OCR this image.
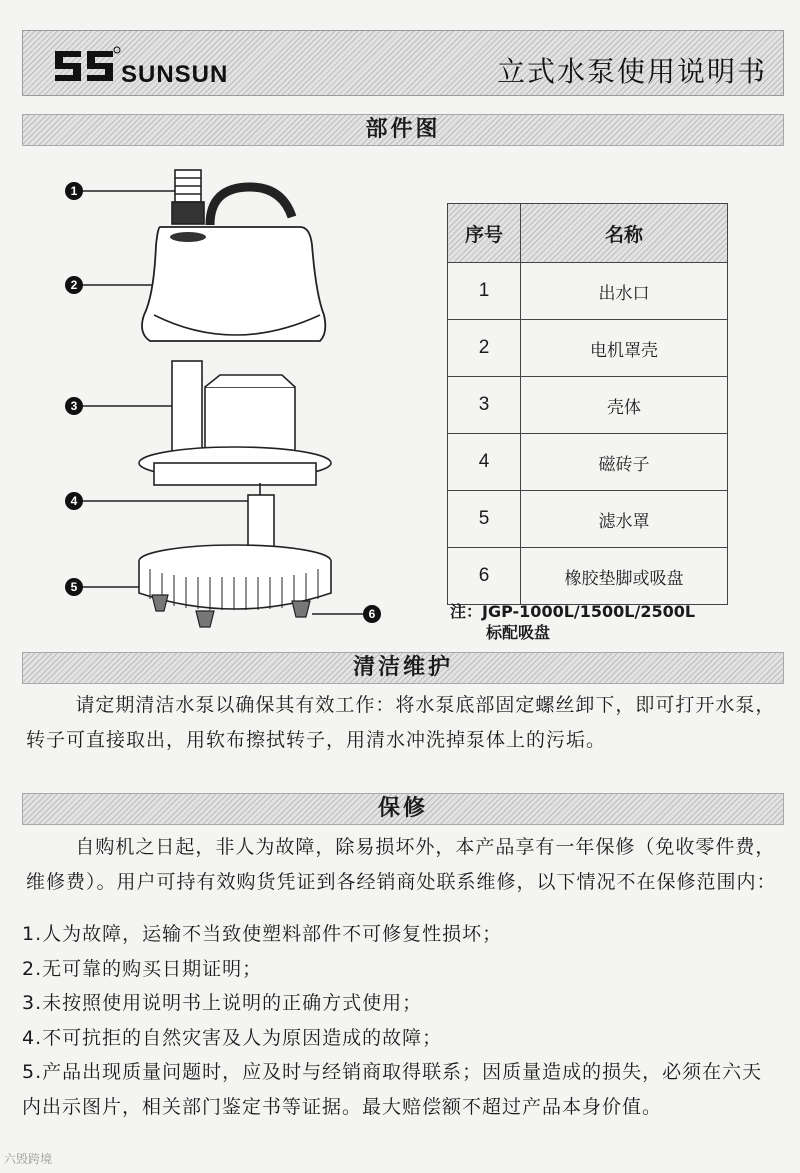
SUNSUN	立式水泵使用说明书
部件图
1
2
3
4
5
6
序号	名称
1	出水口
2	电机罩壳
3	壳体
4	磁砖子
5	滤水罩
6	橡胶垫脚或吸盘
注：JGP-1000L/1500L/2500L
标配吸盘
清洁维护

请定期清洁水泵以确保其有效工作：将水泵底部固定螺丝卸下，即可打开水泵，转子可直接取出，用软布擦拭转子，用清水冲洗掉泵体上的污垢。

保修

自购机之日起，非人为故障，除易损坏外，本产品享有一年保修（免收零件费，维修费）。用户可持有效购货凭证到各经销商处联系维修，以下情况不在保修范围内：

1.人为故障，运输不当致使塑料部件不可修复性损坏；
2.无可靠的购买日期证明；
3.未按照使用说明书上说明的正确方式使用；
4.不可抗拒的自然灾害及人为原因造成的故障；
5.产品出现质量问题时，应及时与经销商取得联系；因质量造成的损失，必须在六天内出示图片，相关部门鉴定书等证据。最大赔偿额不超过产品本身价值。
六毁跨境
